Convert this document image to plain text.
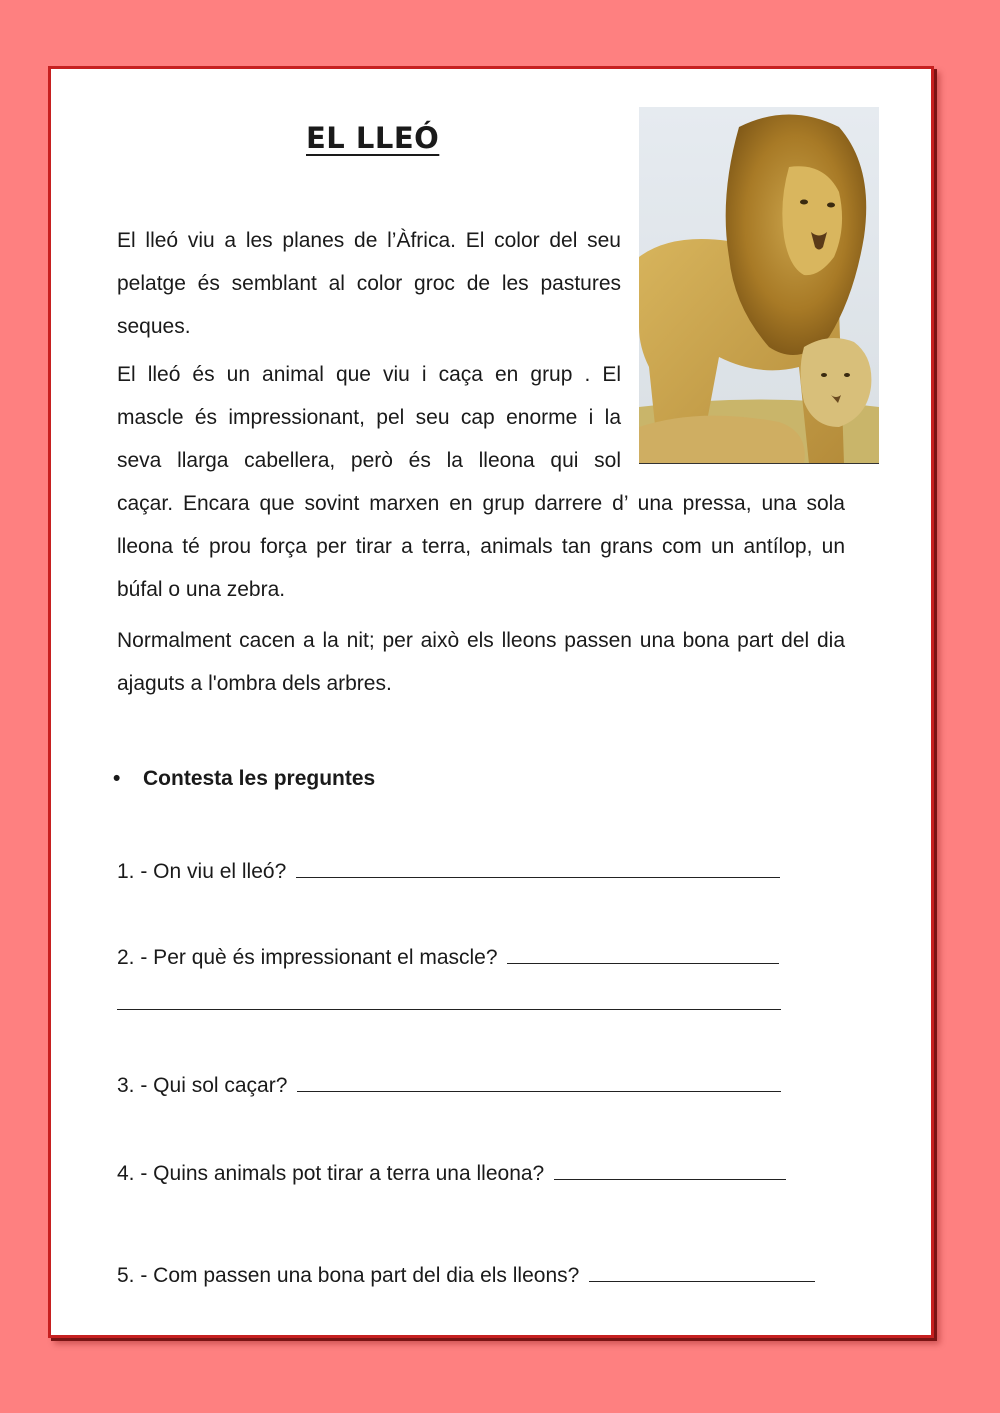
EL LLEÓ

El lleó viu a les planes de l’Àfrica. El color del seu pelatge és semblant al color groc de les pastures seques.

El lleó és un animal que viu i caça en grup . El
mascle és impressionant, pel seu cap enorme i la
seva llarga cabellera, però és la lleona qui sol

caçar. Encara que sovint marxen en grup darrere d’ una pressa, una sola lleona té prou força per tirar a terra, animals tan grans com un antílop, un búfal o una zebra.

Normalment cacen a la nit; per això els lleons passen una bona part del dia ajaguts a l'ombra dels arbres.

• Contesta les preguntes
1. - On viu el lleó?
2. - Per què és impressionant el mascle?
3. - Qui sol caçar?
4. - Quins animals pot tirar a terra una lleona?
5. - Com passen una bona part del dia els lleons?
